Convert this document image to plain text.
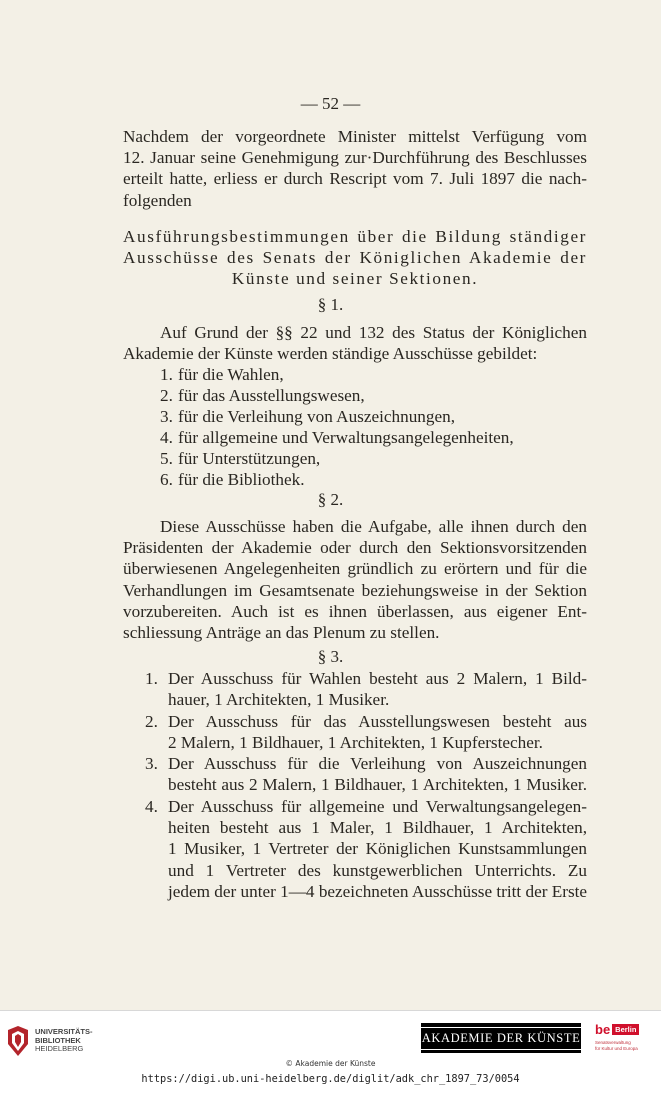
— 52 —
Nachdem der vorgeordnete Minister mittelst Verfügung vom
12. Januar seine Genehmigung zur·Durchführung des Beschlusses
erteilt hatte, erliess er durch Rescript vom 7. Juli 1897 die nach-
folgenden
Ausführungsbestimmungen über die Bildung ständiger
Ausschüsse des Senats der Königlichen Akademie der
Künste und seiner Sektionen.
§ 1.
Auf Grund der §§ 22 und 132 des Status der Königlichen
Akademie der Künste werden ständige Ausschüsse gebildet:
1. für die Wahlen,
2. für das Ausstellungswesen,
3. für die Verleihung von Auszeichnungen,
4. für allgemeine und Verwaltungsangelegenheiten,
5. für Unterstützungen,
6. für die Bibliothek.
§ 2.
Diese Ausschüsse haben die Aufgabe, alle ihnen durch den
Präsidenten der Akademie oder durch den Sektionsvorsitzenden
überwiesenen Angelegenheiten gründlich zu erörtern und für die
Verhandlungen im Gesamtsenate beziehungsweise in der Sektion
vorzubereiten. Auch ist es ihnen überlassen, aus eigener Ent-
schliessung Anträge an das Plenum zu stellen.
§ 3.
1. Der Ausschuss für Wahlen besteht aus 2 Malern, 1 Bild-
hauer, 1 Architekten, 1 Musiker.
2. Der Ausschuss für das Ausstellungswesen besteht aus
2 Malern, 1 Bildhauer, 1 Architekten, 1 Kupferstecher.
3. Der Ausschuss für die Verleihung von Auszeichnungen
besteht aus 2 Malern, 1 Bildhauer, 1 Architekten, 1 Musiker.
4. Der Ausschuss für allgemeine und Verwaltungsangelegen-
heiten besteht aus 1 Maler, 1 Bildhauer, 1 Architekten,
1 Musiker, 1 Vertreter der Königlichen Kunstsammlungen
und 1 Vertreter des kunstgewerblichen Unterrichts. Zu
jedem der unter 1—4 bezeichneten Ausschüsse tritt der Erste
UNIVERSITÄTS-
BIBLIOTHEK
HEIDELBERG
AKADEMIE DER KÜNSTE
be Berlin
Senatsverwaltung
für Kultur und Europa
© Akademie der Künste
https://digi.ub.uni-heidelberg.de/diglit/adk_chr_1897_73/0054
